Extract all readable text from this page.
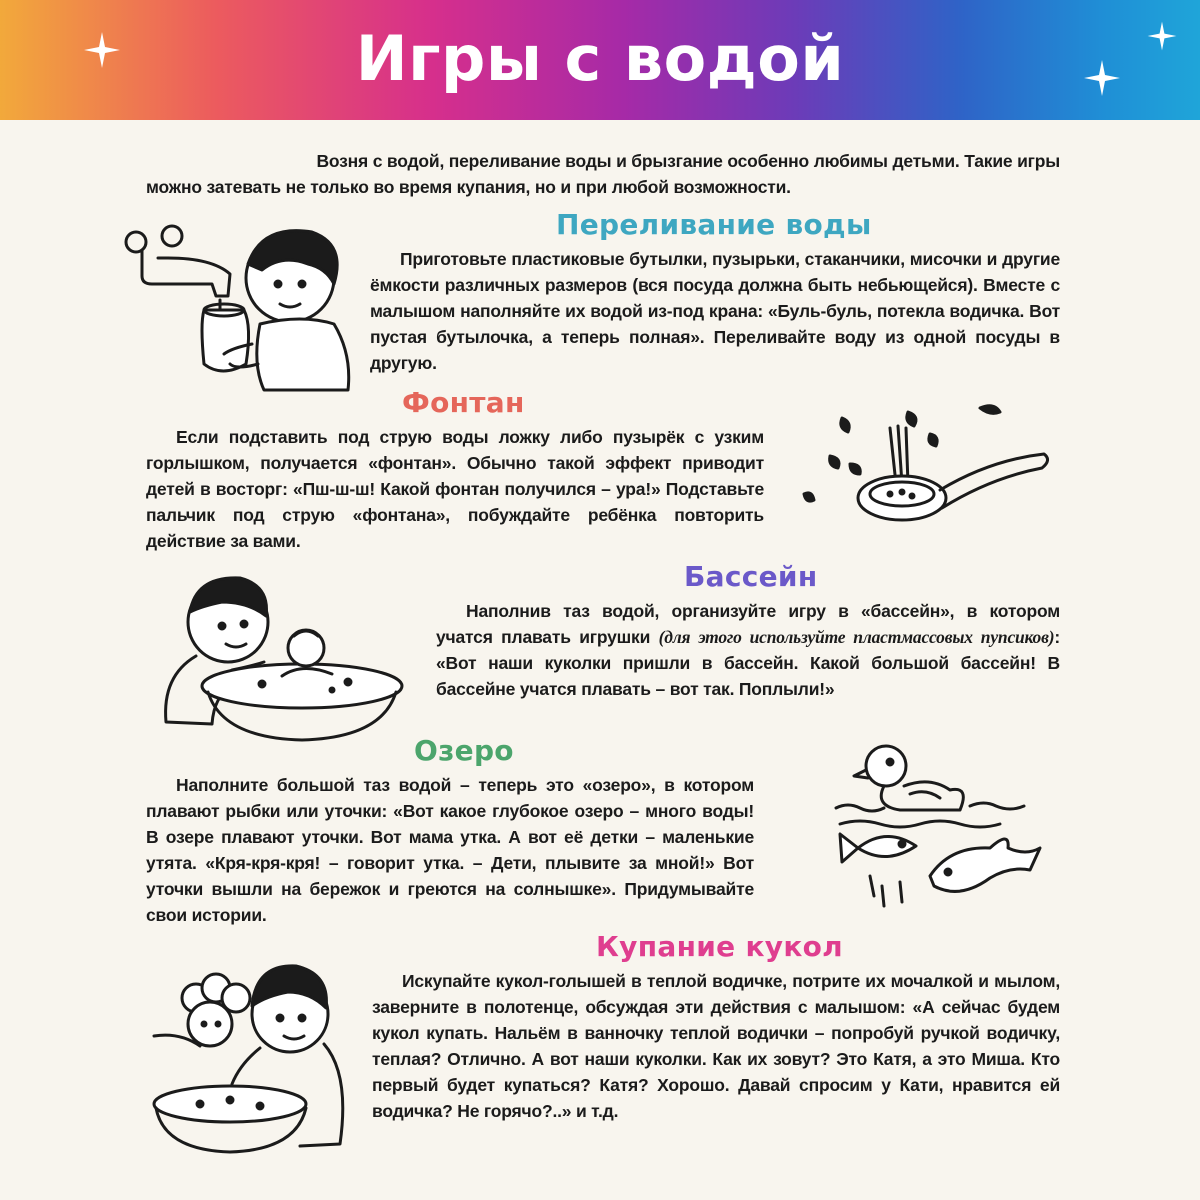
Игры с водой
Возня с водой, переливание воды и брызгание особенно любимы детьми. Такие игры
можно затевать не только во время купания, но и при любой возможности.
Переливание воды
Приготовьте пластиковые бутылки, пузырьки, стаканчики, мисочки и другие ёмкости различных размеров (вся посуда должна быть небьющейся). Вместе с малышом наполняйте их водой из-под крана: «Буль-буль, потекла водичка. Вот пустая бутылочка, а теперь полная». Переливайте воду из одной посуды в другую.
Фонтан
Если подставить под струю воды ложку либо пузырёк с узким горлышком, получается «фонтан». Обычно такой эффект приводит детей в восторг: «Пш-ш-ш! Какой фонтан получился – ура!» Подставьте пальчик под струю «фонтана», побуждайте ребёнка повторить действие за вами.
Бассейн
Наполнив таз водой, организуйте игру в «бассейн», в котором учатся плавать игрушки (для этого используйте пластмассовых пупсиков): «Вот наши куколки пришли в бассейн. Какой большой бассейн! В бассейне учатся плавать – вот так. Поплыли!»
Озеро
Наполните большой таз водой – теперь это «озеро», в котором плавают рыбки или уточки: «Вот какое глубокое озеро – много воды! В озере плавают уточки. Вот мама утка. А вот её детки – маленькие утята. «Кря-кря-кря! – говорит утка. – Дети, плывите за мной!» Вот уточки вышли на бережок и греются на солнышке». Придумывайте свои истории.
Купание кукол
Искупайте кукол-голышей в теплой водичке, потрите их мочалкой и мылом, заверните в полотенце, обсуждая эти действия с малышом: «А сейчас будем кукол купать. Нальём в ванночку теплой водички – попробуй ручкой водичку, теплая? Отлично. А вот наши куколки. Как их зовут? Это Катя, а это Миша. Кто первый будет купаться? Катя? Хорошо. Давай спросим у Кати, нравится ей водичка? Не горячо?..» и т.д.
